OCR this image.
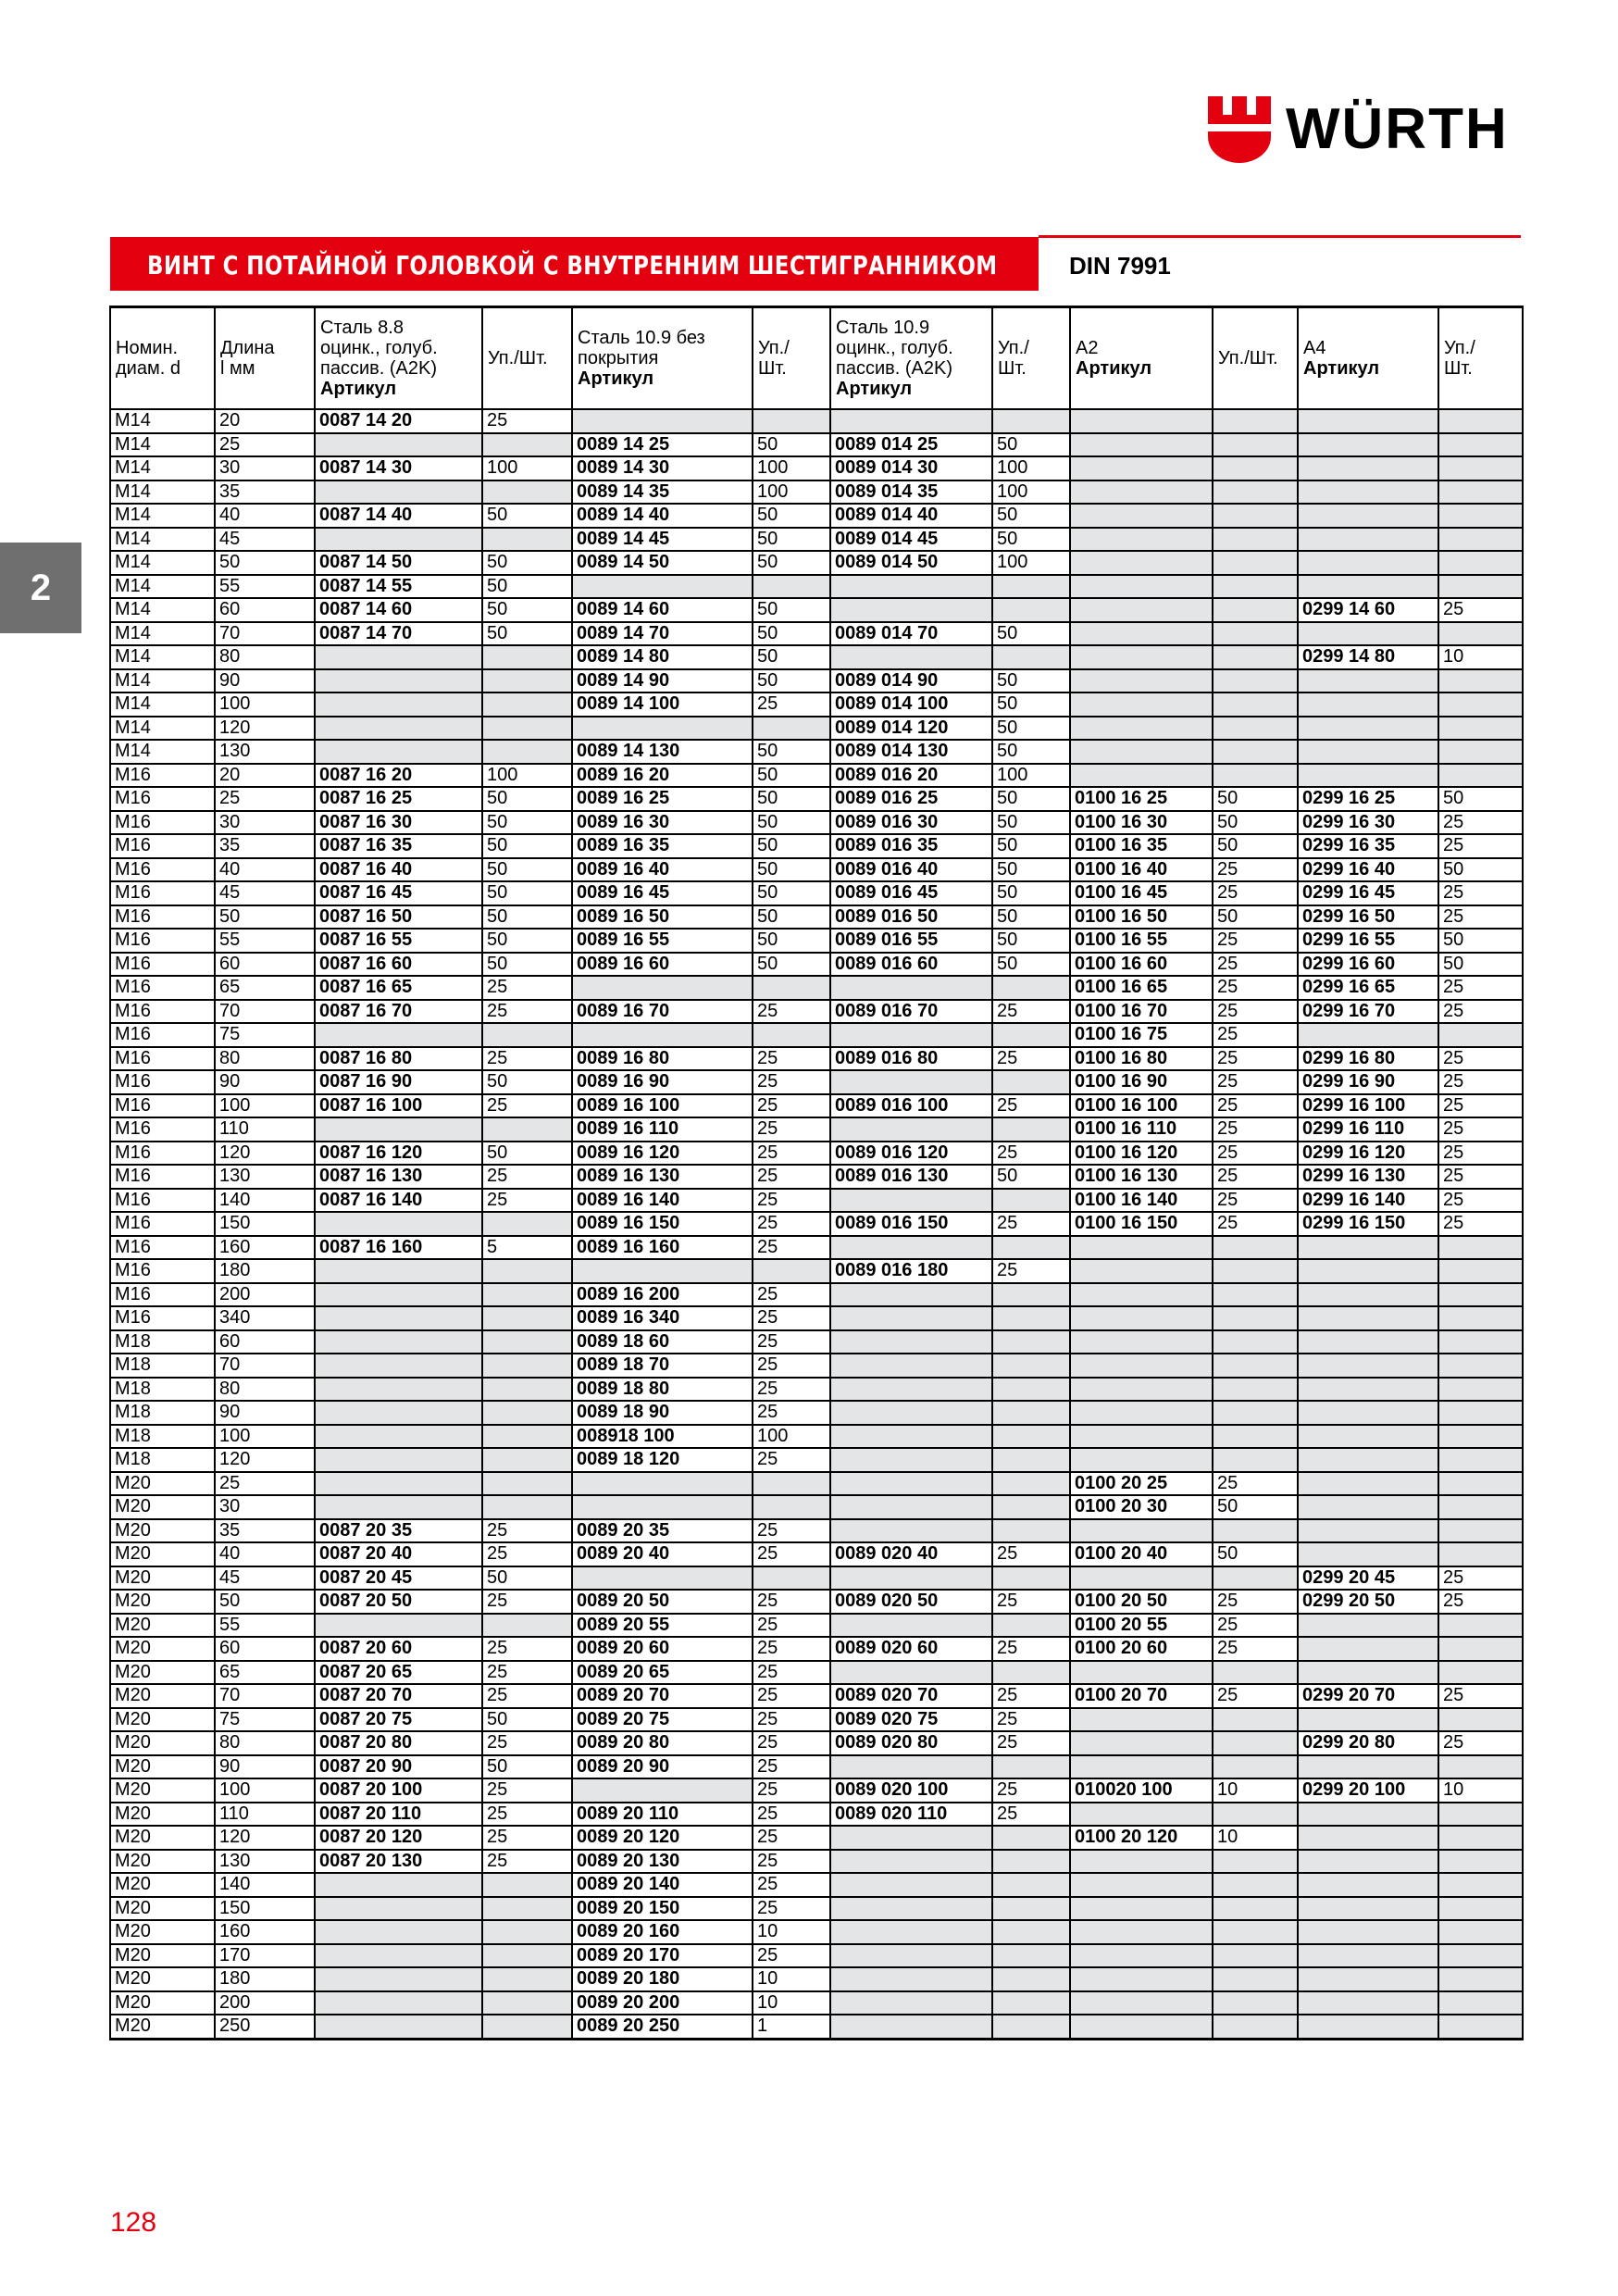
WÜRTH
ВИНТ С ПОТАЙНОЙ ГОЛОВКОЙ С ВНУТРЕННИМ ШЕСТИГРАННИКОМ	DIN 7991
2
Номин.
диам. d	Длина
l мм	Сталь 8.8
оцинк., голуб.
пассив. (A2K)
Артикул	Уп./Шт.	Сталь 10.9 без
покрытия
Артикул	Уп./
Шт.	Сталь 10.9
оцинк., голуб.
пассив. (A2K)
Артикул	Уп./
Шт.	A2
Артикул	Уп./Шт.	A4
Артикул	Уп./
Шт.

M14	20	0087 14 20	25								
M14	25			0089 14 25	50	0089 014 25	50				
M14	30	0087 14 30	100	0089 14 30	100	0089 014 30	100				
M14	35			0089 14 35	100	0089 014 35	100				
M14	40	0087 14 40	50	0089 14 40	50	0089 014 40	50				
M14	45			0089 14 45	50	0089 014 45	50				
M14	50	0087 14 50	50	0089 14 50	50	0089 014 50	100				
M14	55	0087 14 55	50								
M14	60	0087 14 60	50	0089 14 60	50					0299 14 60	25
M14	70	0087 14 70	50	0089 14 70	50	0089 014 70	50				
M14	80			0089 14 80	50					0299 14 80	10
M14	90			0089 14 90	50	0089 014 90	50				
M14	100			0089 14 100	25	0089 014 100	50				
M14	120					0089 014 120	50				
M14	130			0089 14 130	50	0089 014 130	50				
M16	20	0087 16 20	100	0089 16 20	50	0089 016 20	100				
M16	25	0087 16 25	50	0089 16 25	50	0089 016 25	50	0100 16 25	50	0299 16 25	50
M16	30	0087 16 30	50	0089 16 30	50	0089 016 30	50	0100 16 30	50	0299 16 30	25
M16	35	0087 16 35	50	0089 16 35	50	0089 016 35	50	0100 16 35	50	0299 16 35	25
M16	40	0087 16 40	50	0089 16 40	50	0089 016 40	50	0100 16 40	25	0299 16 40	50
M16	45	0087 16 45	50	0089 16 45	50	0089 016 45	50	0100 16 45	25	0299 16 45	25
M16	50	0087 16 50	50	0089 16 50	50	0089 016 50	50	0100 16 50	50	0299 16 50	25
M16	55	0087 16 55	50	0089 16 55	50	0089 016 55	50	0100 16 55	25	0299 16 55	50
M16	60	0087 16 60	50	0089 16 60	50	0089 016 60	50	0100 16 60	25	0299 16 60	50
M16	65	0087 16 65	25					0100 16 65	25	0299 16 65	25
M16	70	0087 16 70	25	0089 16 70	25	0089 016 70	25	0100 16 70	25	0299 16 70	25
M16	75							0100 16 75	25		
M16	80	0087 16 80	25	0089 16 80	25	0089 016 80	25	0100 16 80	25	0299 16 80	25
M16	90	0087 16 90	50	0089 16 90	25			0100 16 90	25	0299 16 90	25
M16	100	0087 16 100	25	0089 16 100	25	0089 016 100	25	0100 16 100	25	0299 16 100	25
M16	110			0089 16 110	25			0100 16 110	25	0299 16 110	25
M16	120	0087 16 120	50	0089 16 120	25	0089 016 120	25	0100 16 120	25	0299 16 120	25
M16	130	0087 16 130	25	0089 16 130	25	0089 016 130	50	0100 16 130	25	0299 16 130	25
M16	140	0087 16 140	25	0089 16 140	25			0100 16 140	25	0299 16 140	25
M16	150			0089 16 150	25	0089 016 150	25	0100 16 150	25	0299 16 150	25
M16	160	0087 16 160	5	0089 16 160	25						
M16	180					0089 016 180	25				
M16	200			0089 16 200	25						
M16	340			0089 16 340	25						
M18	60			0089 18 60	25						
M18	70			0089 18 70	25						
M18	80			0089 18 80	25						
M18	90			0089 18 90	25						
M18	100			008918 100	100						
M18	120			0089 18 120	25						
M20	25							0100 20 25	25		
M20	30							0100 20 30	50		
M20	35	0087 20 35	25	0089 20 35	25						
M20	40	0087 20 40	25	0089 20 40	25	0089 020 40	25	0100 20 40	50		
M20	45	0087 20 45	50							0299 20 45	25
M20	50	0087 20 50	25	0089 20 50	25	0089 020 50	25	0100 20 50	25	0299 20 50	25
M20	55			0089 20 55	25			0100 20 55	25		
M20	60	0087 20 60	25	0089 20 60	25	0089 020 60	25	0100 20 60	25		
M20	65	0087 20 65	25	0089 20 65	25						
M20	70	0087 20 70	25	0089 20 70	25	0089 020 70	25	0100 20 70	25	0299 20 70	25
M20	75	0087 20 75	50	0089 20 75	25	0089 020 75	25				
M20	80	0087 20 80	25	0089 20 80	25	0089 020 80	25			0299 20 80	25
M20	90	0087 20 90	50	0089 20 90	25						
M20	100	0087 20 100	25		25	0089 020 100	25	010020 100	10	0299 20 100	10
M20	110	0087 20 110	25	0089 20 110	25	0089 020 110	25				
M20	120	0087 20 120	25	0089 20 120	25			0100 20 120	10		
M20	130	0087 20 130	25	0089 20 130	25						
M20	140			0089 20 140	25						
M20	150			0089 20 150	25						
M20	160			0089 20 160	10						
M20	170			0089 20 170	25						
M20	180			0089 20 180	10						
M20	200			0089 20 200	10						
M20	250			0089 20 250	1						
128
